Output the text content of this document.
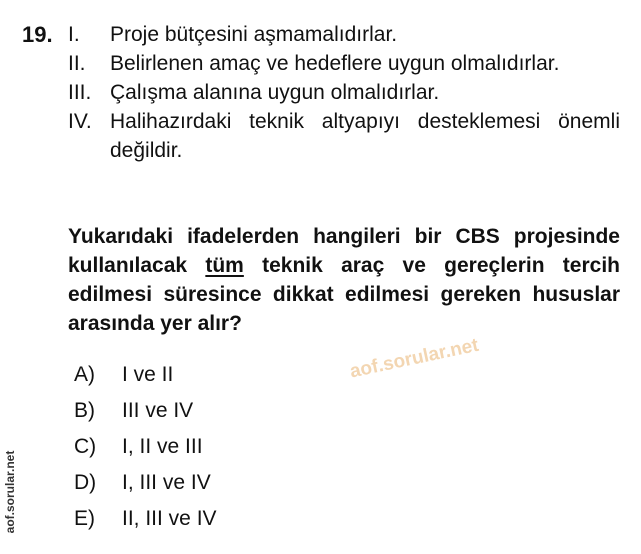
19. I.	Proje bütçesini aşmamalıdırlar.
II.	Belirlenen amaç ve hedeflere uygun olmalıdırlar.
III. Çalışma alanına uygun olmalıdırlar.
IV. Halihazırdaki teknik altyapıyı desteklemesi önemli değildir.
Yukarıdaki ifadelerden hangileri bir CBS projesinde kullanılacak tüm teknik araç ve gereçlerin tercih edilmesi süresince dikkat edilmesi gereken hususlar arasında yer alır?
A)	I ve II
B)	III ve IV
C)	I, II ve III
D)	I, III ve IV
E)	II, III ve IV
aof.sorular.net
aof.sorular.net
